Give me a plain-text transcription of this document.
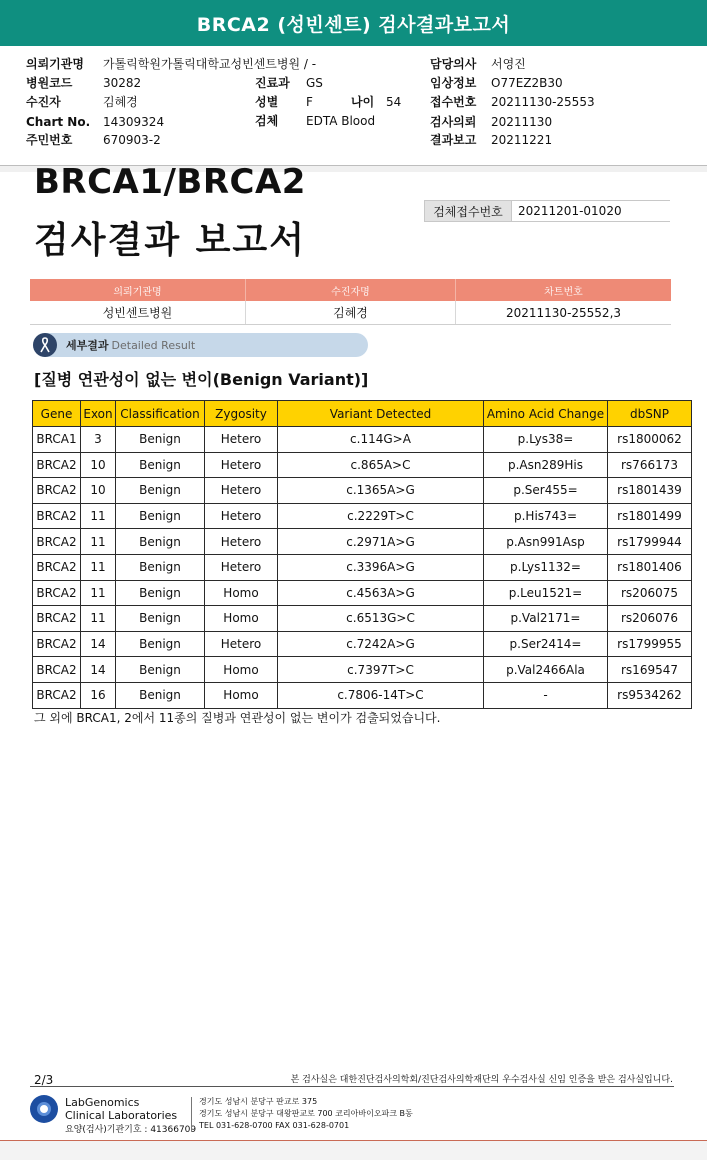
BRCA2 (성빈센트) 검사결과보고서
의뢰기관명 가톨릭학원가톨릭대학교성빈센트병원 / -
병원코드	30282
수진자	김혜경
Chart No. 14309324
주민번호	670903-2
진료과 GS
성별 F	나이 54
검체 EDTA Blood
담당의사 서영진
임상정보 O77EZ2B30
접수번호 20211130-25553
검사의뢰 20211130
결과보고 20211221
BRCA1/BRCA2
검사결과 보고서
검체접수번호	20211201-01020
의뢰기관명	수진자명	차트번호
성빈센트병원	김혜경	20211130-25552,3
세부결과 Detailed Result
[질병 연관성이 없는 변이(Benign Variant)]
Gene	Exon	Classification	Zygosity	Variant Detected	Amino Acid Change	dbSNP
BRCA1	3	Benign	Hetero	c.114G>A	p.Lys38=	rs1800062
BRCA2	10	Benign	Hetero	c.865A>C	p.Asn289His	rs766173
BRCA2	10	Benign	Hetero	c.1365A>G	p.Ser455=	rs1801439
BRCA2	11	Benign	Hetero	c.2229T>C	p.His743=	rs1801499
BRCA2	11	Benign	Hetero	c.2971A>G	p.Asn991Asp	rs1799944
BRCA2	11	Benign	Hetero	c.3396A>G	p.Lys1132=	rs1801406
BRCA2	11	Benign	Homo	c.4563A>G	p.Leu1521=	rs206075
BRCA2	11	Benign	Homo	c.6513G>C	p.Val2171=	rs206076
BRCA2	14	Benign	Hetero	c.7242A>G	p.Ser2414=	rs1799955
BRCA2	14	Benign	Homo	c.7397T>C	p.Val2466Ala	rs169547
BRCA2	16	Benign	Homo	c.7806-14T>C	-	rs9534262
그 외에 BRCA1, 2에서 11종의 질병과 연관성이 없는 변이가 검출되었습니다.
2/3	본 검사실은 대한진단검사의학회/진단검사의학재단의 우수검사실 신임 인증을 받은 검사실입니다.
LabGenomics
Clinical Laboratories
요양(검사)기관기호 : 41366709
경기도 성남시 분당구 판교로 375
경기도 성남시 분당구 대왕판교로 700 코리아바이오파크 B동
TEL 031-628-0700 FAX 031-628-0701
